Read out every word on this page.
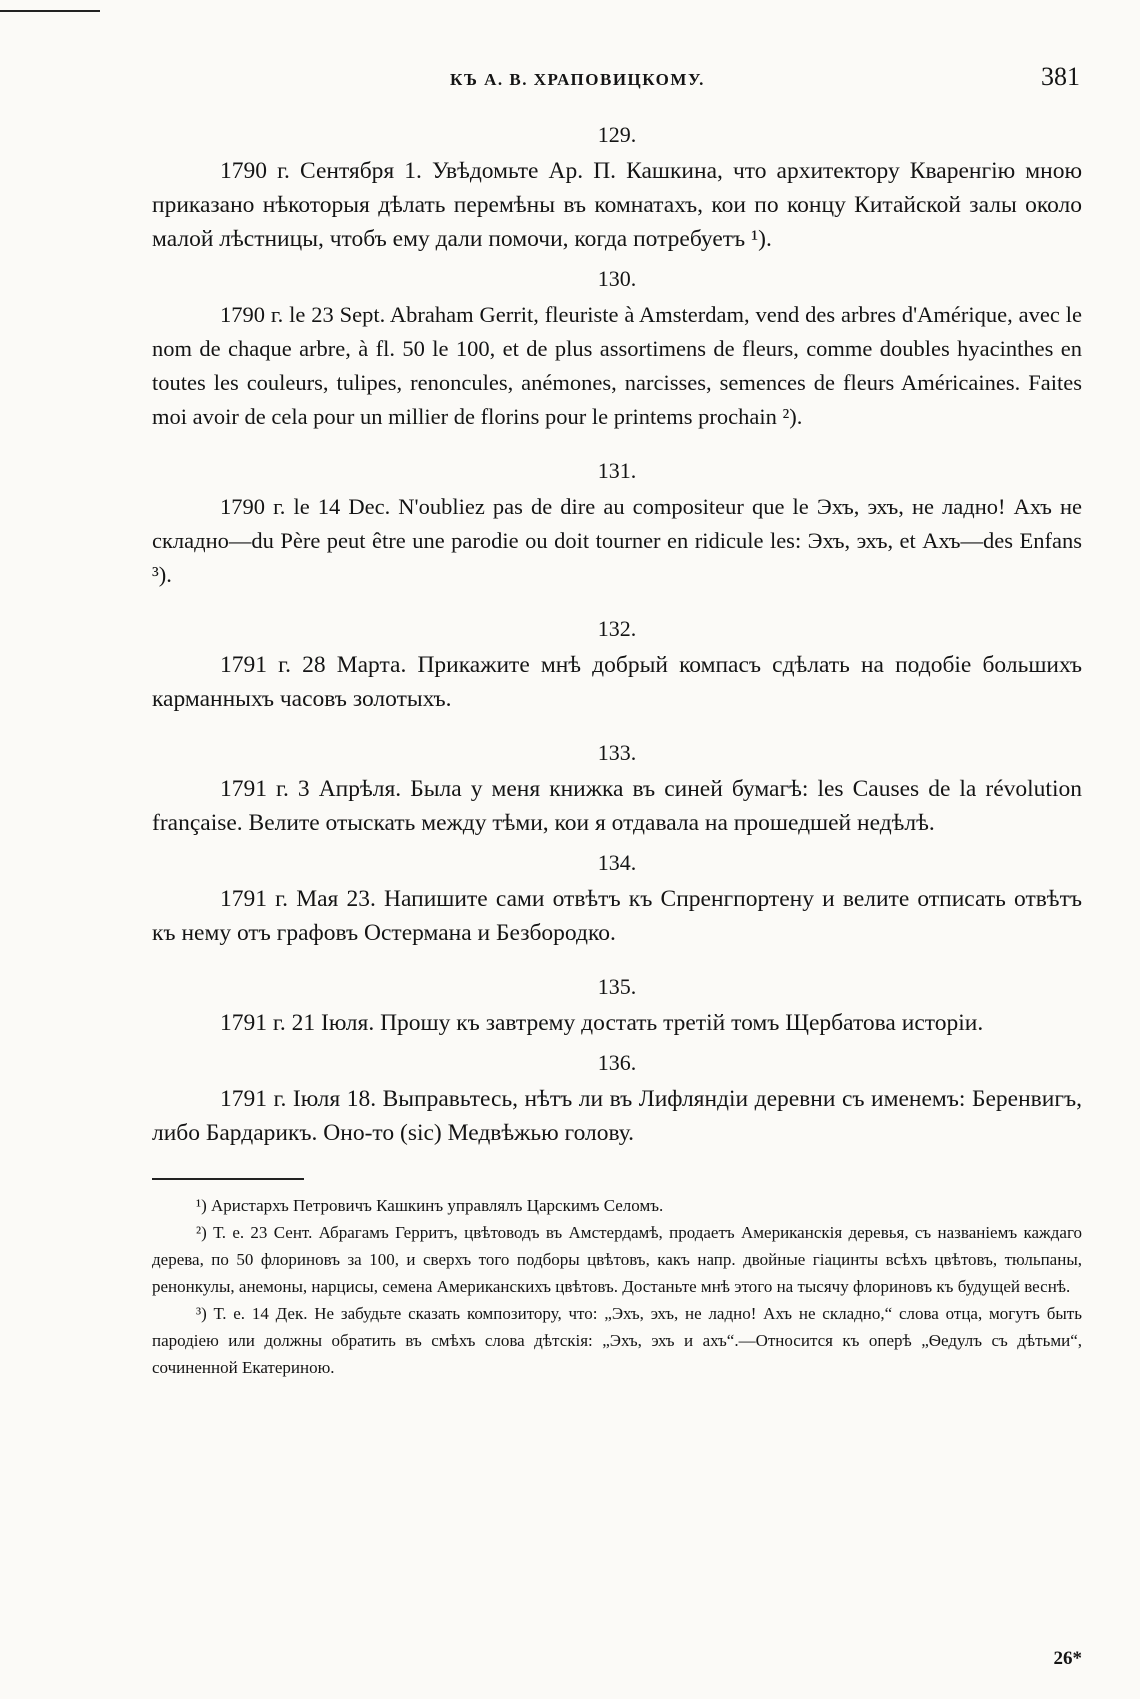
КЪ А. В. ХРАПОВИЦКОМУ.	381
129.

1790 г. Сентября 1. Увѣдомьте Ар. П. Кашкина, что архитектору Кваренгію мною приказано нѣкоторыя дѣлать перемѣны въ комнатахъ, кои по концу Китайской залы около малой лѣстницы, чтобъ ему дали помочи, когда потребуетъ ¹).

130.

1790 г. le 23 Sept. Abraham Gerrit, fleuriste à Amsterdam, vend des arbres d'Amérique, avec le nom de chaque arbre, à fl. 50 le 100, et de plus assortimens de fleurs, comme doubles hyacinthes en toutes les couleurs, tulipes, renoncules, anémones, narcisses, semences de fleurs Américaines. Faites moi avoir de cela pour un millier de florins pour le printems prochain ²).

131.

1790 г. le 14 Dec. N'oubliez pas de dire au compositeur que le Эхъ, эхъ, не ладно! Ахъ не складно—du Père peut être une parodie ou doit tourner en ridicule les: Эхъ, эхъ, et Ахъ—des Enfans ³).

132.

1791 г. 28 Марта. Прикажите мнѣ добрый компасъ сдѣлать на подобіе большихъ карманныхъ часовъ золотыхъ.

133.

1791 г. 3 Апрѣля. Была у меня книжка въ синей бумагѣ: les Causes de la révolution française. Велите отыскать между тѣми, кои я отдавала на прошедшей недѣлѣ.

134.

1791 г. Мая 23. Напишите сами отвѣтъ къ Спренгпортену и велите отписать отвѣтъ къ нему отъ графовъ Остермана и Безбородко.

135.

1791 г. 21 Іюля. Прошу къ завтрему достать третій томъ Щербатова исторіи.

136.

1791 г. Іюля 18. Выправьтесь, нѣтъ ли въ Лифляндіи деревни съ именемъ: Беренвигъ, либо Бардарикъ. Оно-то (sic) Медвѣжью голову.

¹) Аристархъ Петровичъ Кашкинъ управлялъ Царскимъ Селомъ.

²) Т. е. 23 Сент. Абрагамъ Герритъ, цвѣтоводъ въ Амстердамѣ, продаетъ Американскія деревья, съ названіемъ каждаго дерева, по 50 флориновъ за 100, и сверхъ того подборы цвѣтовъ, какъ напр. двойные гіацинты всѣхъ цвѣтовъ, тюльпаны, ренонкулы, анемоны, нарцисы, семена Американскихъ цвѣтовъ. Достаньте мнѣ этого на тысячу флориновъ къ будущей веснѣ.

³) Т. е. 14 Дек. Не забудьте сказать композитору, что: „Эхъ, эхъ, не ладно! Ахъ не складно,“ слова отца, могутъ быть пародіею или должны обратить въ смѣхъ слова дѣтскія: „Эхъ, эхъ и ахъ“.—Относится къ оперѣ „Ѳедулъ съ дѣтьми“, сочиненной Екатериною.

26*
